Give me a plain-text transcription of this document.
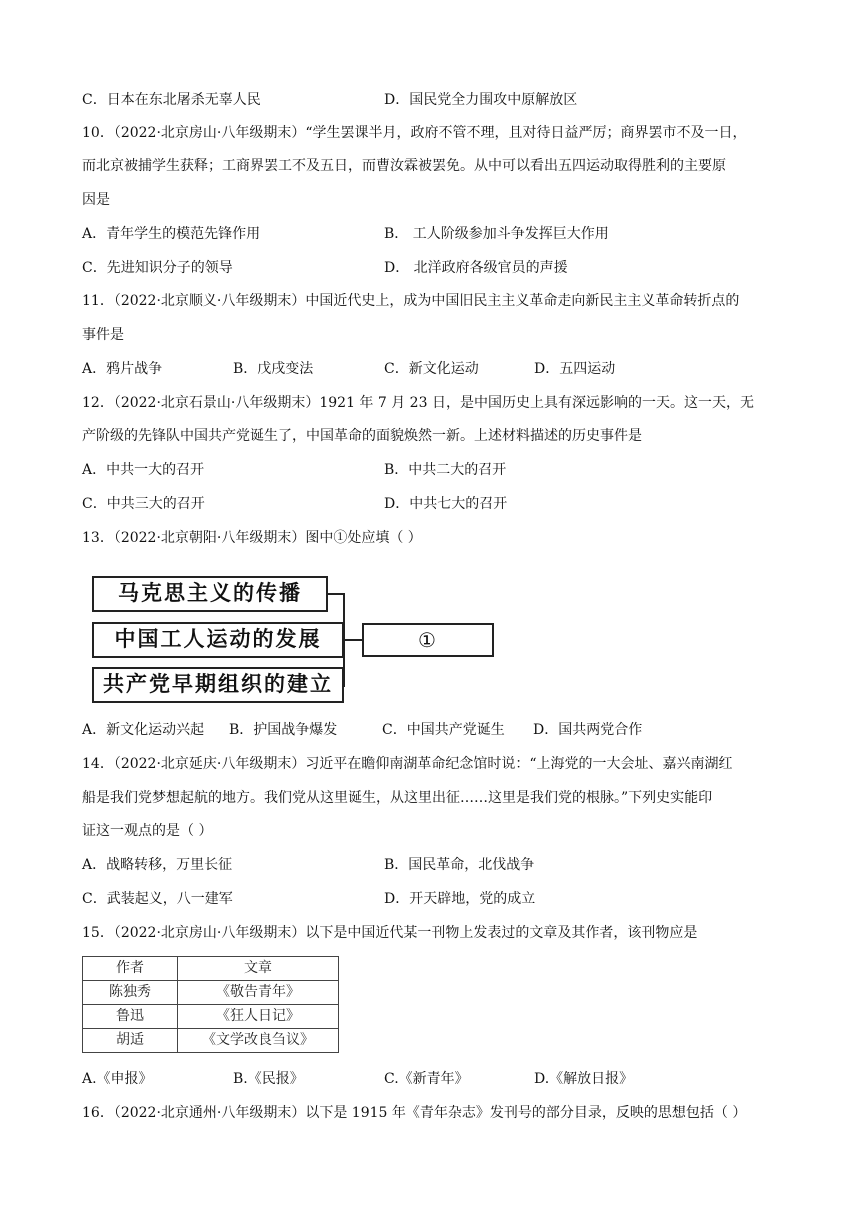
C．日本在东北屠杀无辜人民	D．国民党全力围攻中原解放区
10．（2022·北京房山·八年级期末）“学生罢课半月，政府不管不理，且对待日益严厉；商界罢市不及一日，
而北京被捕学生获释；工商界罢工不及五日，而曹汝霖被罢免。从中可以看出五四运动取得胜利的主要原
因是
A．青年学生的模范先锋作用	B． 工人阶级参加斗争发挥巨大作用
C．先进知识分子的领导	D． 北洋政府各级官员的声援
11．（2022·北京顺义·八年级期末）中国近代史上，成为中国旧民主主义革命走向新民主主义革命转折点的
事件是
A．鸦片战争	B．戊戌变法	C．新文化运动	D．五四运动
12．（2022·北京石景山·八年级期末）1921 年 7 月 23 日，是中国历史上具有深远影响的一天。这一天，无
产阶级的先锋队中国共产党诞生了，中国革命的面貌焕然一新。上述材料描述的历史事件是
A．中共一大的召开	B．中共二大的召开
C．中共三大的召开	D．中共七大的召开
13．（2022·北京朝阳·八年级期末）图中①处应填（ ）
马克思主义的传播
中国工人运动的发展
共产党早期组织的建立
①
A．新文化运动兴起 B．护国战争爆发	C．中国共产党诞生 D．国共两党合作
14．（2022·北京延庆·八年级期末）习近平在瞻仰南湖革命纪念馆时说：“上海党的一大会址、嘉兴南湖红
船是我们党梦想起航的地方。我们党从这里诞生，从这里出征……这里是我们党的根脉。”下列史实能印
证这一观点的是（ ）
A．战略转移，万里长征	B．国民革命，北伐战争
C．武装起义，八一建军	D．开天辟地，党的成立
15．（2022·北京房山·八年级期末）以下是中国近代某一刊物上发表过的文章及其作者，该刊物应是
作者	文章
陈独秀	《敬告青年》
鲁迅	《狂人日记》
胡适	《文学改良刍议》
A.《申报》	B.《民报》	C.《新青年》	D.《解放日报》
16．（2022·北京通州·八年级期末）以下是 1915 年《青年杂志》发刊号的部分目录，反映的思想包括（ ）
